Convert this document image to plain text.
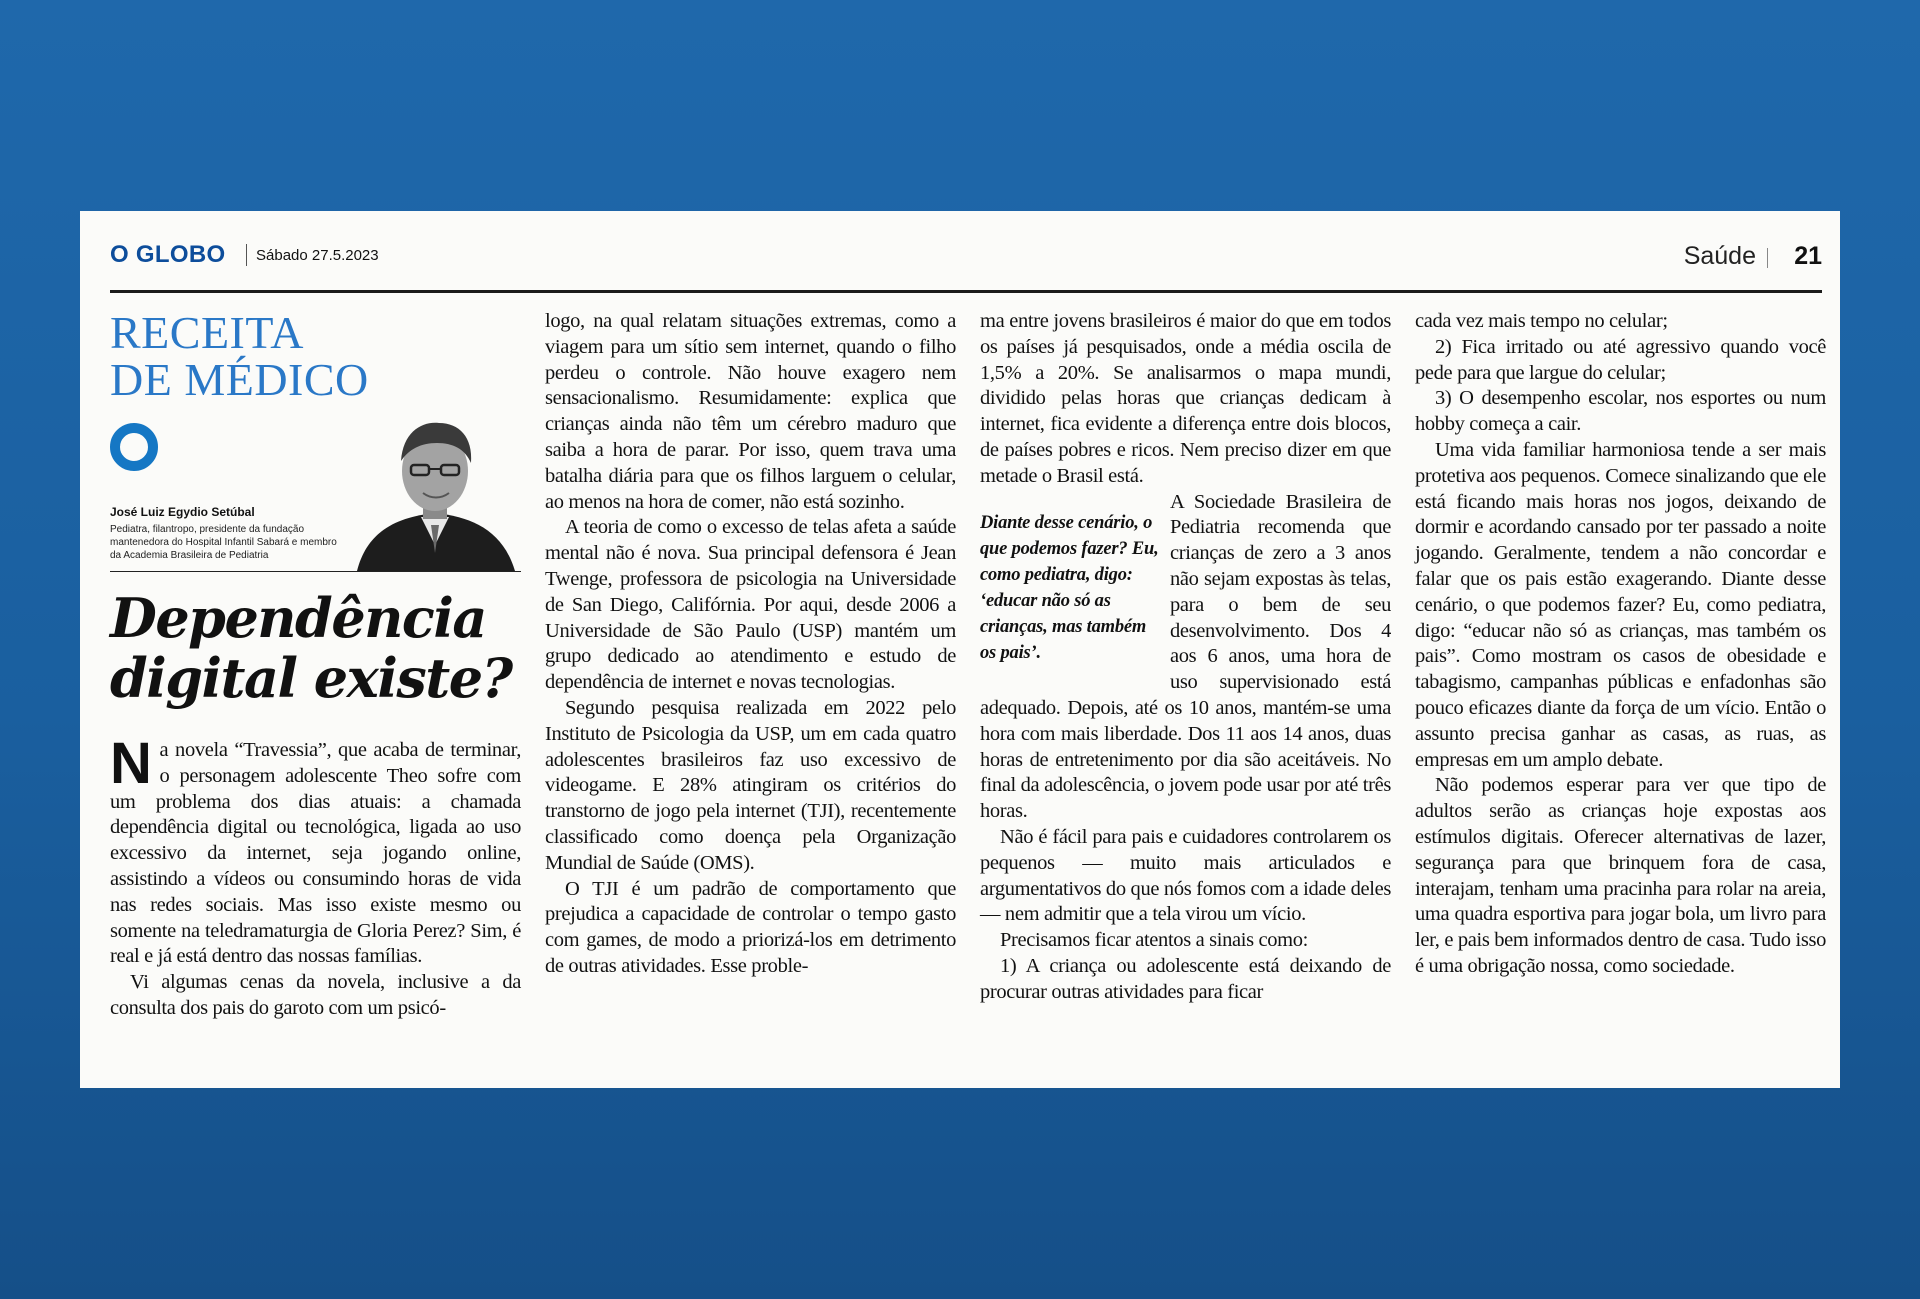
O GLOBO Sábado 27.5.2023	Saúde 21
RECEITA
DE MÉDICO
José Luiz Egydio Setúbal
Pediatra, filantropo, presidente da fundação mantenedora do Hospital Infantil Sabará e membro da Academia Brasileira de Pediatria
Dependência digital existe?

Na novela “Travessia”, que acaba de terminar, o personagem adolescente Theo sofre com um problema dos dias atuais: a chamada dependência digital ou tecnológica, ligada ao uso excessivo da internet, seja jogando online, assistindo a vídeos ou consumindo horas de vida nas redes sociais. Mas isso existe mesmo ou somente na teledramaturgia de Gloria Perez? Sim, é real e já está dentro das nossas famílias.

Vi algumas cenas da novela, inclusive a da consulta dos pais do garoto com um psicó-

logo, na qual relatam situações extremas, como a viagem para um sítio sem internet, quando o filho perdeu o controle. Não houve exagero nem sensacionalismo. Resumidamente: explica que crianças ainda não têm um cérebro maduro que saiba a hora de parar. Por isso, quem trava uma batalha diária para que os filhos larguem o celular, ao menos na hora de comer, não está sozinho.

A teoria de como o excesso de telas afeta a saúde mental não é nova. Sua principal defensora é Jean Twenge, professora de psicologia na Universidade de San Diego, Califórnia. Por aqui, desde 2006 a Universidade de São Paulo (USP) mantém um grupo dedicado ao atendimento e estudo de dependência de internet e novas tecnologias.

Segundo pesquisa realizada em 2022 pelo Instituto de Psicologia da USP, um em cada quatro adolescentes brasileiros faz uso excessivo de videogame. E 28% atingiram os critérios do transtorno de jogo pela internet (TJI), recentemente classificado como doença pela Organização Mundial de Saúde (OMS).

O TJI é um padrão de comportamento que prejudica a capacidade de controlar o tempo gasto com games, de modo a priorizá-los em detrimento de outras atividades. Esse proble-

ma entre jovens brasileiros é maior do que em todos os países já pesquisados, onde a média oscila de 1,5% a 20%. Se analisarmos o mapa mundi, dividido pelas horas que crianças dedicam à internet, fica evidente a diferença entre dois blocos, de países pobres e ricos. Nem preciso dizer em que metade o Brasil está.

Diante desse cenário, o que podemos fazer? Eu, como pediatra, digo: ‘educar não só as crianças, mas também os pais’.

A Sociedade Brasileira de Pediatria recomenda que crianças de zero a 3 anos não sejam expostas às telas, para o bem de seu desenvolvimento. Dos 4 aos 6 anos, uma hora de uso supervisionado está adequado. Depois, até os 10 anos, mantém-se uma hora com mais liberdade. Dos 11 aos 14 anos, duas horas de entretenimento por dia são aceitáveis. No final da adolescência, o jovem pode usar por até três horas.

Não é fácil para pais e cuidadores controlarem os pequenos — muito mais articulados e argumentativos do que nós fomos com a idade deles — nem admitir que a tela virou um vício.

Precisamos ficar atentos a sinais como:

1) A criança ou adolescente está deixando de procurar outras atividades para ficar

cada vez mais tempo no celular;

2) Fica irritado ou até agressivo quando você pede para que largue do celular;

3) O desempenho escolar, nos esportes ou num hobby começa a cair.

Uma vida familiar harmoniosa tende a ser mais protetiva aos pequenos. Comece sinalizando que ele está ficando mais horas nos jogos, deixando de dormir e acordando cansado por ter passado a noite jogando. Geralmente, tendem a não concordar e falar que os pais estão exagerando. Diante desse cenário, o que podemos fazer? Eu, como pediatra, digo: “educar não só as crianças, mas também os pais”. Como mostram os casos de obesidade e tabagismo, campanhas públicas e enfadonhas são pouco eficazes diante da força de um vício. Então o assunto precisa ganhar as casas, as ruas, as empresas em um amplo debate.

Não podemos esperar para ver que tipo de adultos serão as crianças hoje expostas aos estímulos digitais. Oferecer alternativas de lazer, segurança para que brinquem fora de casa, interajam, tenham uma pracinha para rolar na areia, uma quadra esportiva para jogar bola, um livro para ler, e pais bem informados dentro de casa. Tudo isso é uma obrigação nossa, como sociedade.
